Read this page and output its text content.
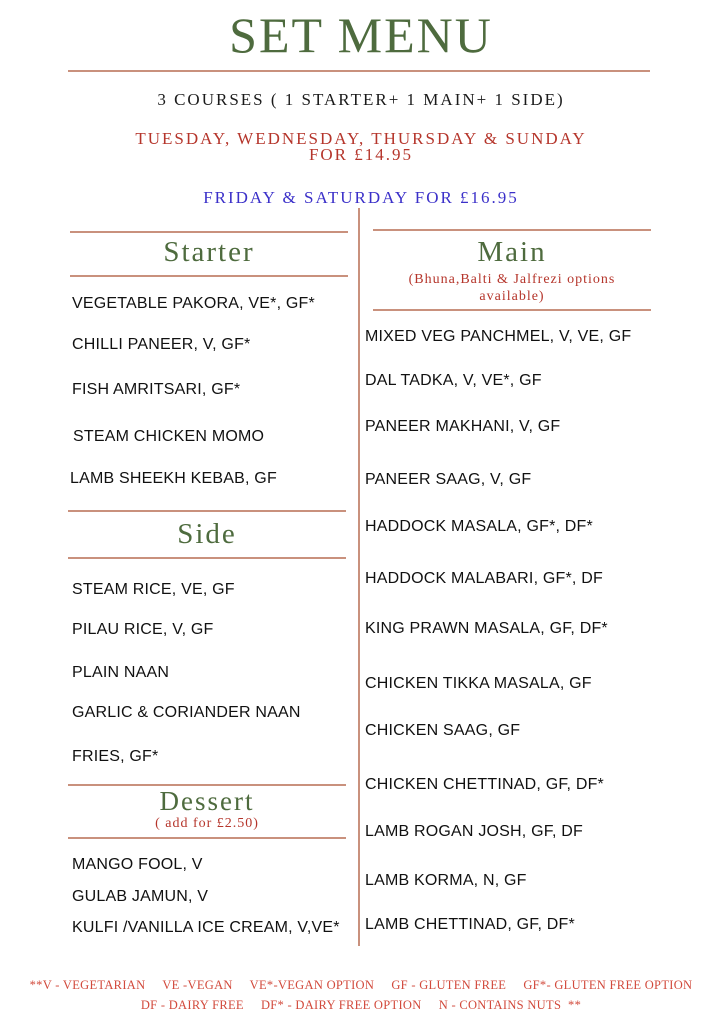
SET MENU
3 COURSES ( 1 STARTER+ 1 MAIN+ 1 SIDE)
TUESDAY, WEDNESDAY, THURSDAY & SUNDAY
FOR £14.95
FRIDAY & SATURDAY FOR £16.95
Starter
VEGETABLE PAKORA, VE*, GF*
CHILLI PANEER, V, GF*
FISH AMRITSARI, GF*
STEAM CHICKEN MOMO
LAMB SHEEKH KEBAB, GF
Side
STEAM RICE, VE, GF
PILAU RICE, V, GF
PLAIN NAAN
GARLIC & CORIANDER NAAN
FRIES, GF*
Dessert
( add for £2.50)
MANGO FOOL, V
GULAB JAMUN, V
KULFI /VANILLA ICE CREAM, V,VE*
Main
(Bhuna,Balti & Jalfrezi options
available)
MIXED VEG PANCHMEL, V, VE, GF
DAL TADKA, V, VE*, GF
PANEER MAKHANI, V, GF
PANEER SAAG, V, GF
HADDOCK MASALA, GF*, DF*
HADDOCK MALABARI, GF*, DF
KING PRAWN MASALA, GF, DF*
CHICKEN TIKKA MASALA, GF
CHICKEN SAAG, GF
CHICKEN CHETTINAD, GF, DF*
LAMB ROGAN JOSH, GF, DF
LAMB KORMA, N, GF
LAMB CHETTINAD, GF, DF*
**V - VEGETARIAN     VE -VEGAN     VE*-VEGAN OPTION     GF - GLUTEN FREE     GF*- GLUTEN FREE OPTION
DF - DAIRY FREE     DF* - DAIRY FREE OPTION     N - CONTAINS NUTS  **
